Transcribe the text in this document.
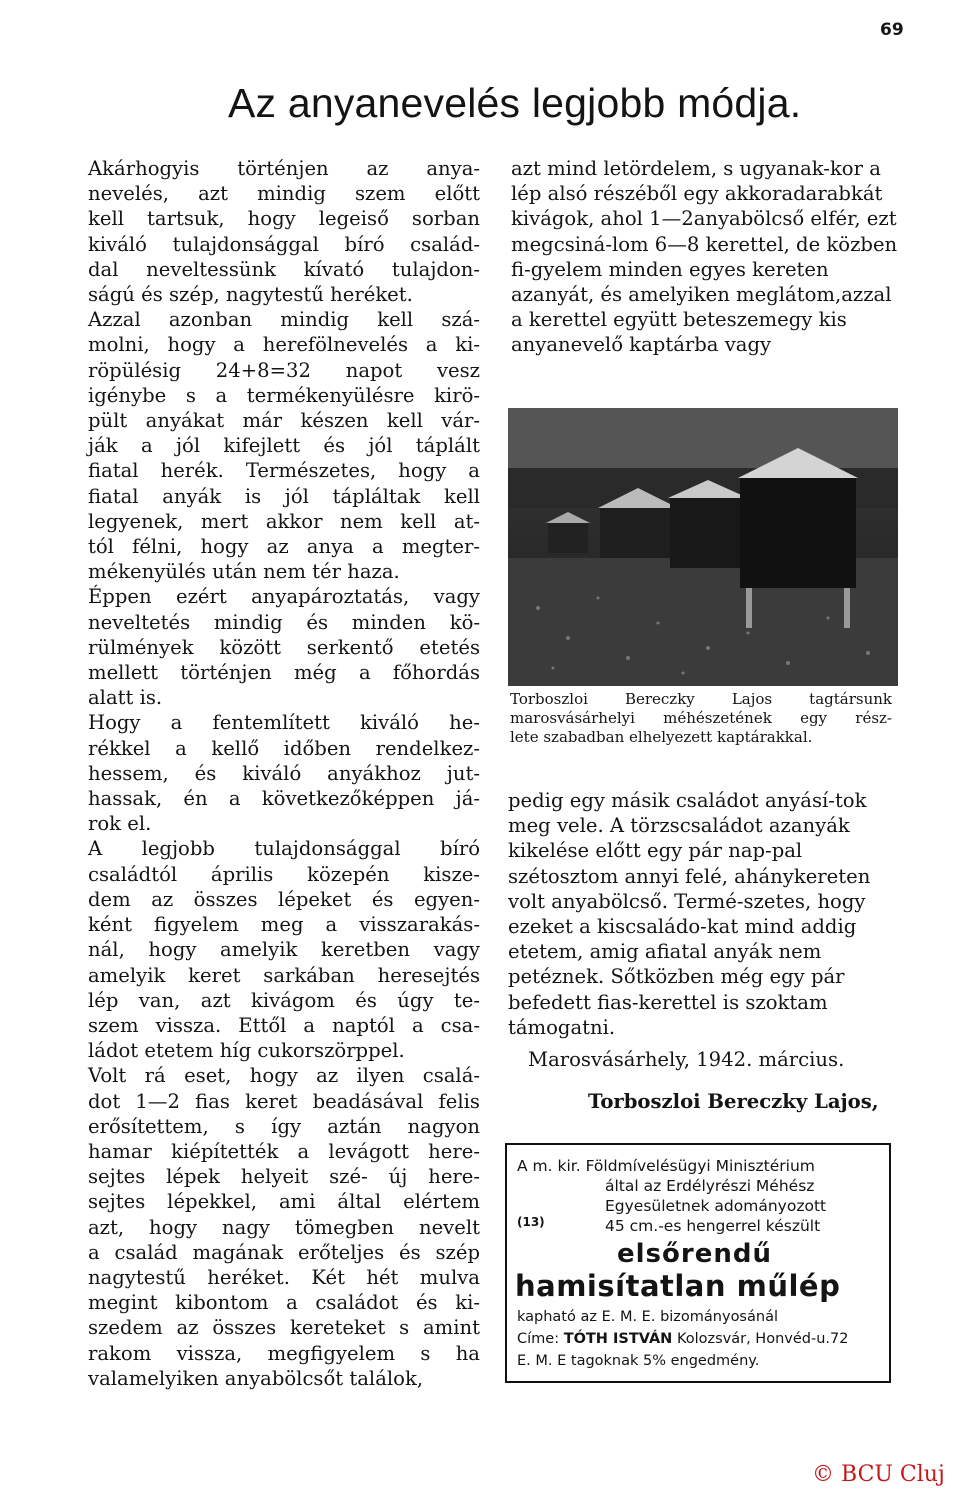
69
Az anyanevelés legjobb módja.
Akárhogyis történjen az anya-
nevelés, azt mindig szem előtt
kell tartsuk, hogy legeiső sorban
kiváló tulajdonsággal bíró család-
dal neveltessünk kívató tulajdon-
ságú és szép, nagytestű heréket.
Azzal azonban mindig kell szá-
molni, hogy a herefölnevelés a ki-
röpülésig 24+8=32 napot vesz
igénybe s a termékenyülésre kirö-
pült anyákat már készen kell vár-
ják a jól kifejlett és jól táplált
fiatal herék. Természetes, hogy a
fiatal anyák is jól tápláltak kell
legyenek, mert akkor nem kell at-
tól félni, hogy az anya a megter-
mékenyülés után nem tér haza.
Éppen ezért anyapároztatás, vagy
neveltetés mindig és minden kö-
rülmények között serkentő etetés
mellett történjen még a főhordás
alatt is.
Hogy a fentemlített kiváló he-
rékkel a kellő időben rendelkez-
hessem, és kiváló anyákhoz jut-
hassak, én a következőképpen já-
rok el.
A legjobb tulajdonsággal bíró
családtól április közepén kisze-
dem az összes lépeket és egyen-
ként figyelem meg a visszarakás-
nál, hogy amelyik keretben vagy
amelyik keret sarkában heresejtés
lép van, azt kivágom és úgy te-
szem vissza. Ettől a naptól a csa-
ládot etetem híg cukorszörppel.
Volt rá eset, hogy az ilyen csalá-
dot 1—2 fias keret beadásával felis
erősítettem, s így aztán nagyon
hamar kiépítették a levágott here-
sejtes lépek helyeit szé- új here-
sejtes lépekkel, ami által elértem
azt, hogy nagy tömegben nevelt
a család magának erőteljes és szép
nagytestű heréket. Két hét mulva
megint kibontom a családot és ki-
szedem az összes kereteket s amint
rakom vissza, megfigyelem s ha
valamelyiken anyabölcsőt találok,
azt mind letördelem, s ugyanak-kor a lép alsó részéből egy akkoradarabkát kivágok, ahol 1—2anyabölcső elfér, ezt megcsiná-lom 6—8 kerettel, de közben fi-gyelem minden egyes kereten azanyát, és amelyiken meglátom,azzal a kerettel együtt beteszemegy kis anyanevelő kaptárba vagy
Torboszloi Bereczky Lajos tagtársunk
marosvásárhelyi méhészetének egy rész-
lete szabadban elhelyezett kaptárakkal.
pedig egy másik családot anyásí-tok meg vele. A törzscsaládot azanyák kikelése előtt egy pár nap-pal szétosztom annyi felé, ahánykereten volt anyabölcső. Termé-szetes, hogy ezeket a kiscsaládo-kat mind addig etetem, amig afiatal anyák nem petéznek. Sőtközben még egy pár befedett fias-kerettel is szoktam támogatni.
Marosvásárhely, 1942. március.
Torboszloi Bereczky Lajos,
A m. kir. Földmívelésügyi Minisztérium
által az Erdélyrészi Méhész
Egyesületnek adományozott
(13)	45 cm.-es hengerrel készült
elsőrendű
hamisítatlan műlép
kapható az E. M. E. bizományosánál
Címe: TÓTH ISTVÁN Kolozsvár, Honvéd-u.72
E. M. E tagoknak 5% engedmény.
© BCU Cluj
